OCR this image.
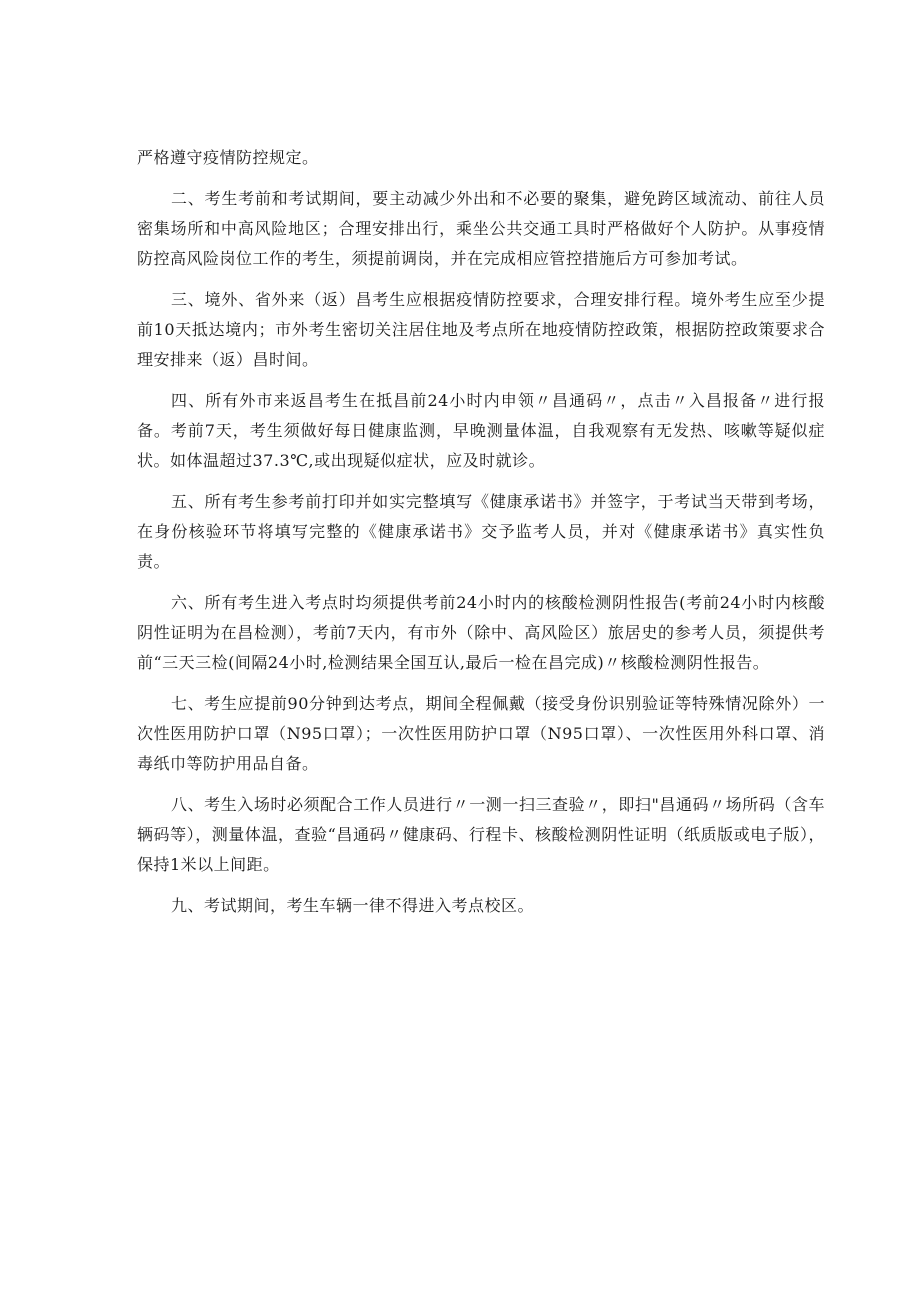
严格遵守疫情防控规定。

二、考生考前和考试期间，要主动减少外出和不必要的聚集，避免跨区域流动、前往人员密集场所和中高风险地区；合理安排出行，乘坐公共交通工具时严格做好个人防护。从事疫情防控高风险岗位工作的考生，须提前调岗，并在完成相应管控措施后方可参加考试。

三、境外、省外来（返）昌考生应根据疫情防控要求，合理安排行程。境外考生应至少提前10天抵达境内；市外考生密切关注居住地及考点所在地疫情防控政策，根据防控政策要求合理安排来（返）昌时间。

四、所有外市来返昌考生在抵昌前24小时内申领〃昌通码〃，点击〃入昌报备〃进行报备。考前7天，考生须做好每日健康监测，早晚测量体温，自我观察有无发热、咳嗽等疑似症状。如体温超过37.3℃,或出现疑似症状，应及时就诊。

五、所有考生参考前打印并如实完整填写《健康承诺书》并签字，于考试当天带到考场，在身份核验环节将填写完整的《健康承诺书》交予监考人员，并对《健康承诺书》真实性负责。

六、所有考生进入考点时均须提供考前24小时内的核酸检测阴性报告(考前24小时内核酸阴性证明为在昌检测），考前7天内，有市外（除中、高风险区）旅居史的参考人员，须提供考前“三天三检(间隔24小时,检测结果全国互认,最后一检在昌完成)〃核酸检测阴性报告。

七、考生应提前90分钟到达考点，期间全程佩戴（接受身份识别验证等特殊情况除外）一次性医用防护口罩（N95口罩）；一次性医用防护口罩（N95口罩）、一次性医用外科口罩、消毒纸巾等防护用品自备。

八、考生入场时必须配合工作人员进行〃一测一扫三查验〃，即扫"昌通码〃场所码（含车辆码等），测量体温，查验“昌通码〃健康码、行程卡、核酸检测阴性证明（纸质版或电子版），保持1米以上间距。

九、考试期间，考生车辆一律不得进入考点校区。
